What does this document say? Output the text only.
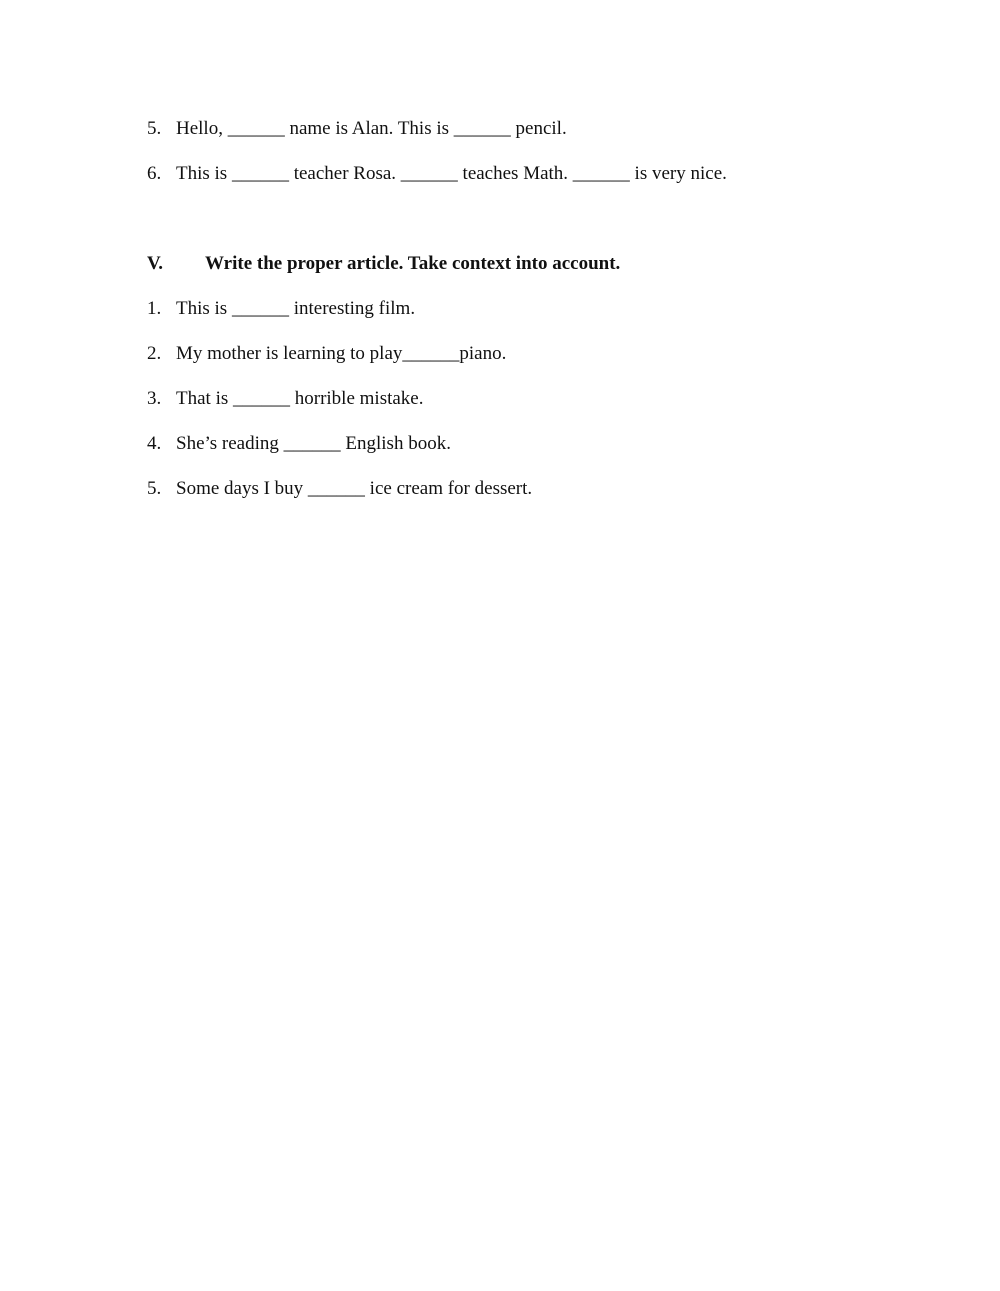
5. Hello, ______ name is Alan. This is ______ pencil.
6. This is ______ teacher Rosa. ______ teaches Math. ______ is very nice.
V. Write the proper article. Take context into account.
1. This is ______ interesting film.
2. My mother is learning to play______piano.
3. That is ______ horrible mistake.
4. She’s reading ______ English book.
5. Some days I buy ______ ice cream for dessert.
